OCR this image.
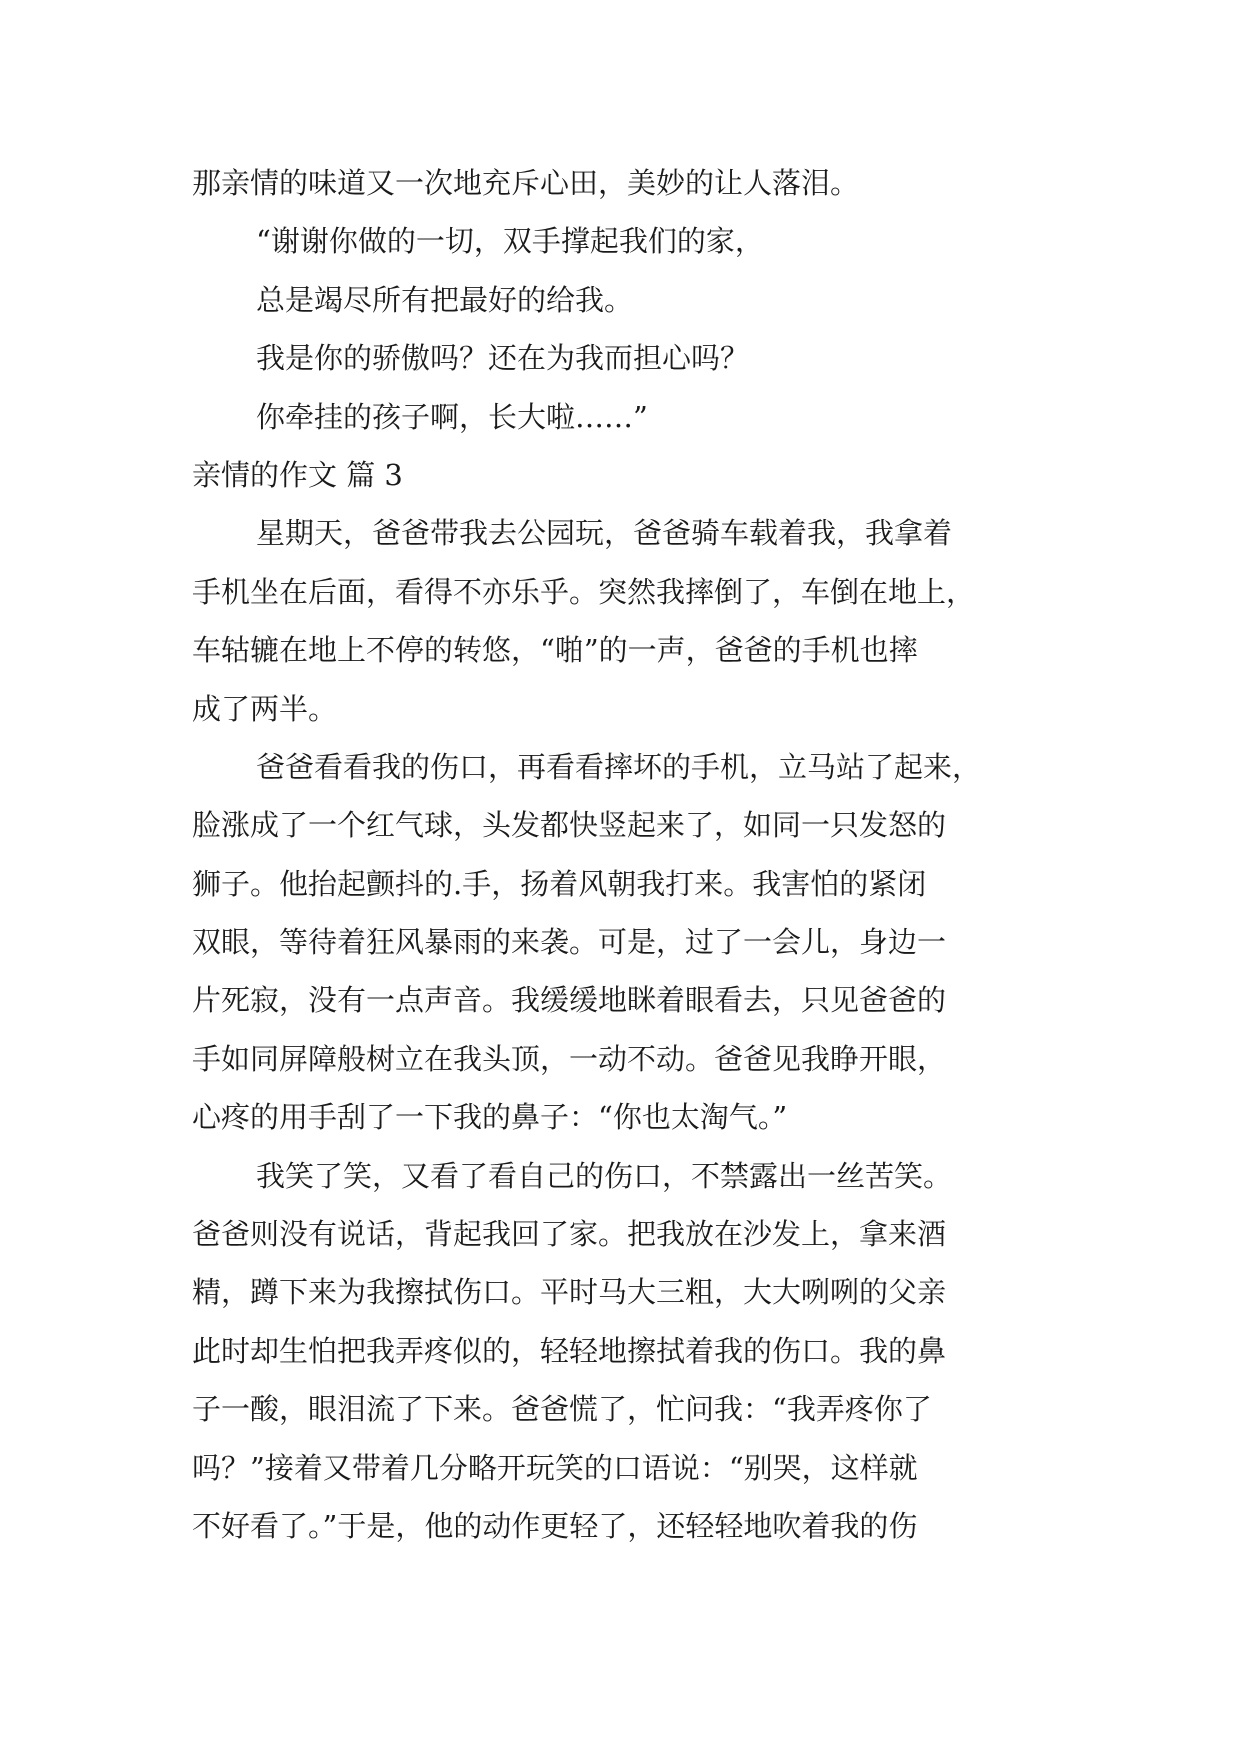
那亲情的味道又一次地充斥心田，美妙的让人落泪。
“谢谢你做的一切，双手撑起我们的家，
总是竭尽所有把最好的给我。
我是你的骄傲吗？还在为我而担心吗？
你牵挂的孩子啊，长大啦……”
亲情的作文 篇 3
星期天，爸爸带我去公园玩，爸爸骑车载着我，我拿着
手机坐在后面，看得不亦乐乎。突然我摔倒了，车倒在地上，
车轱辘在地上不停的转悠，“啪”的一声，爸爸的手机也摔
成了两半。
爸爸看看我的伤口，再看看摔坏的手机，立马站了起来，
脸涨成了一个红气球，头发都快竖起来了，如同一只发怒的
狮子。他抬起颤抖的.手，扬着风朝我打来。我害怕的紧闭
双眼，等待着狂风暴雨的来袭。可是，过了一会儿，身边一
片死寂，没有一点声音。我缓缓地眯着眼看去，只见爸爸的
手如同屏障般树立在我头顶，一动不动。爸爸见我睁开眼，
心疼的用手刮了一下我的鼻子：“你也太淘气。”
我笑了笑，又看了看自己的伤口，不禁露出一丝苦笑。
爸爸则没有说话，背起我回了家。把我放在沙发上，拿来酒
精，蹲下来为我擦拭伤口。平时马大三粗，大大咧咧的父亲
此时却生怕把我弄疼似的，轻轻地擦拭着我的伤口。我的鼻
子一酸，眼泪流了下来。爸爸慌了，忙问我：“我弄疼你了
吗？”接着又带着几分略开玩笑的口语说：“别哭，这样就
不好看了。”于是，他的动作更轻了，还轻轻地吹着我的伤
